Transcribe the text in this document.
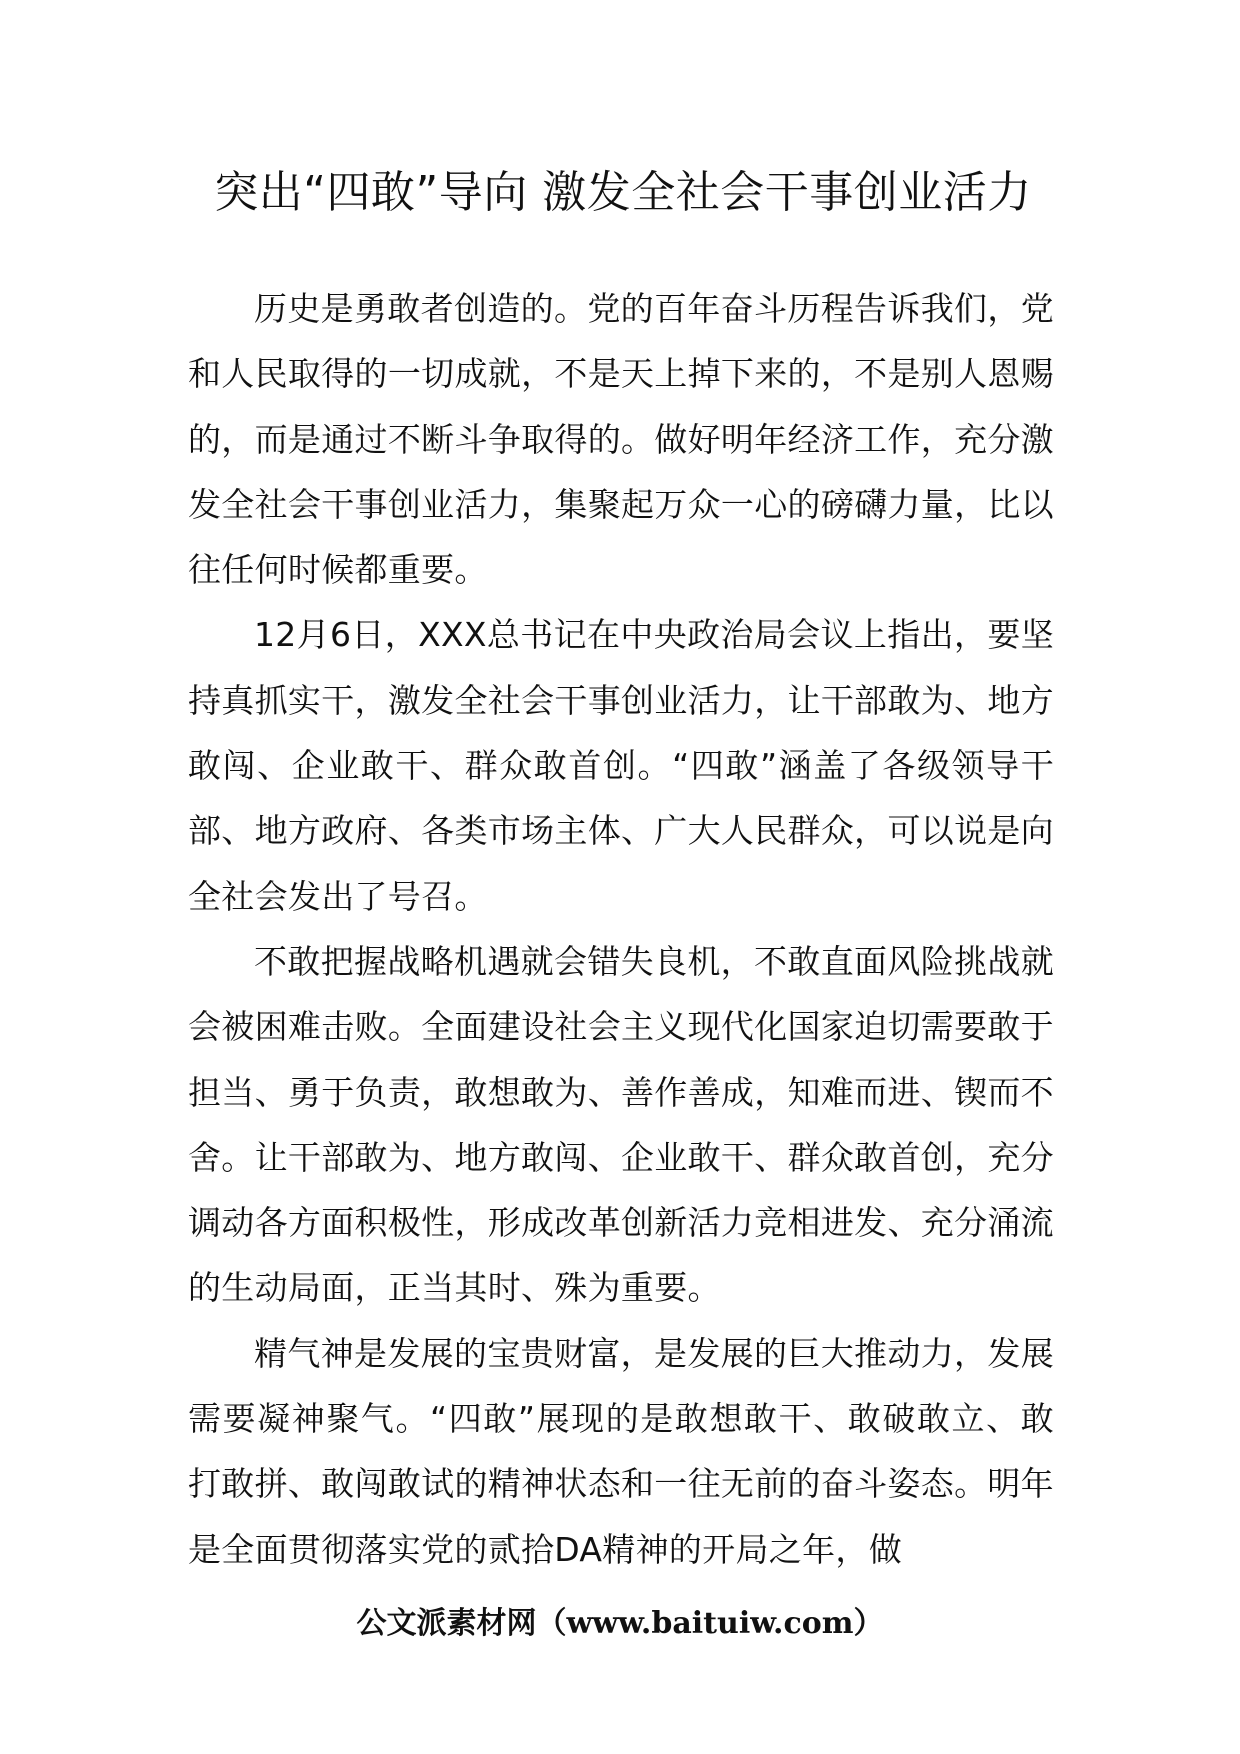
突出“四敢”导向 激发全社会干事创业活力

历史是勇敢者创造的。党的百年奋斗历程告诉我们，党和人民取得的一切成就，不是天上掉下来的，不是别人恩赐的，而是通过不断斗争取得的。做好明年经济工作，充分激发全社会干事创业活力，集聚起万众一心的磅礴力量，比以往任何时候都重要。

12月6日，XXX总书记在中央政治局会议上指出，要坚持真抓实干，激发全社会干事创业活力，让干部敢为、地方敢闯、企业敢干、群众敢首创。“四敢”涵盖了各级领导干部、地方政府、各类市场主体、广大人民群众，可以说是向全社会发出了号召。

不敢把握战略机遇就会错失良机，不敢直面风险挑战就会被困难击败。全面建设社会主义现代化国家迫切需要敢于担当、勇于负责，敢想敢为、善作善成，知难而进、锲而不舍。让干部敢为、地方敢闯、企业敢干、群众敢首创，充分调动各方面积极性，形成改革创新活力竞相进发、充分涌流的生动局面，正当其时、殊为重要。

精气神是发展的宝贵财富，是发展的巨大推动力，发展需要凝神聚气。“四敢”展现的是敢想敢干、敢破敢立、敢打敢拼、敢闯敢试的精神状态和一往无前的奋斗姿态。明年是全面贯彻落实党的贰拾DA精神的开局之年，做

公文派素材网（www.baituiw.com）
